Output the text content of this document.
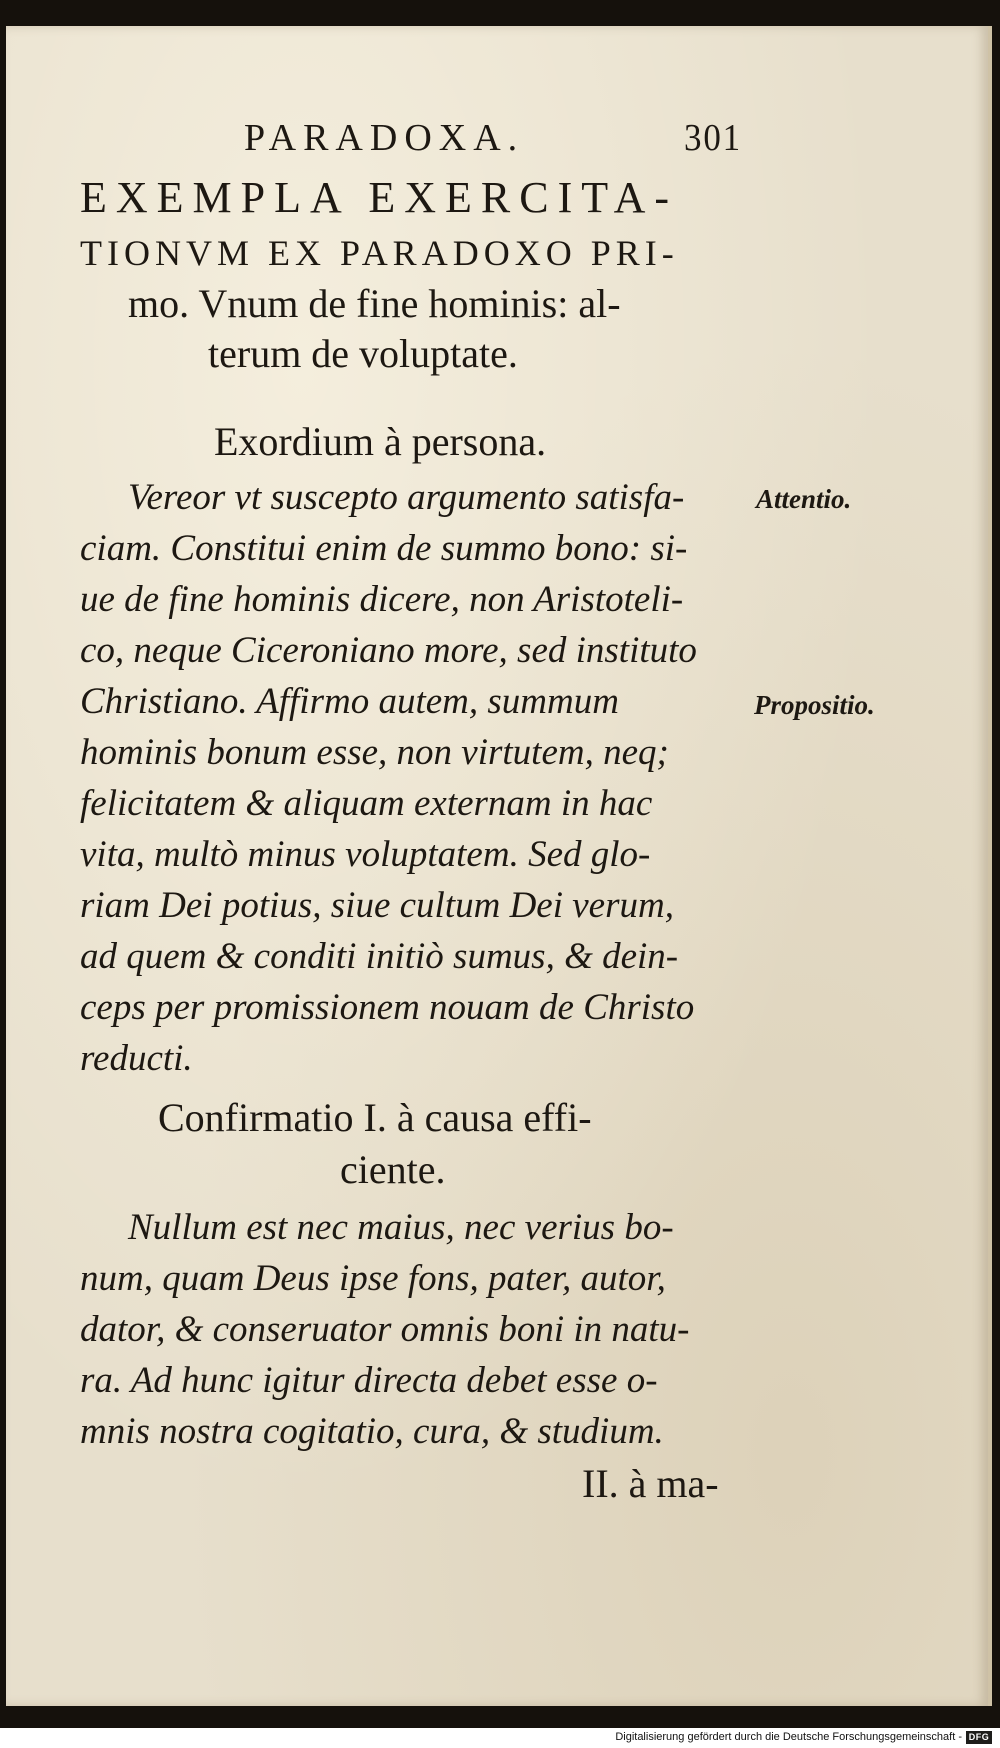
PARADOXA.	301
EXEMPLA EXERCITA-
TIONVM EX PARADOXO PRI-
mo. Vnum de fine hominis: al-
terum de voluptate.
Exordium à persona.
Vereor vt suscepto argumento satisfa-
ciam. Constitui enim de summo bono: si-
ue de fine hominis dicere, non Aristoteli-
co, neque Ciceroniano more, sed instituto
Christiano. Affirmo autem, summum
hominis bonum esse, non virtutem, neq;
felicitatem & aliquam externam in hac
vita, multò minus voluptatem. Sed glo-
riam Dei potius, siue cultum Dei verum,
ad quem & conditi initiò sumus, & dein-
ceps per promissionem nouam de Christo
reducti.
Attentio.
Propositio.
Confirmatio I. à causa effi-
ciente.
Nullum est nec maius, nec verius bo-
num, quam Deus ipse fons, pater, autor,
dator, & conseruator omnis boni in natu-
ra. Ad hunc igitur directa debet esse o-
mnis nostra cogitatio, cura, & studium.
II. à ma-
Digitalisierung gefördert durch die Deutsche Forschungsgemeinschaft - DFG
